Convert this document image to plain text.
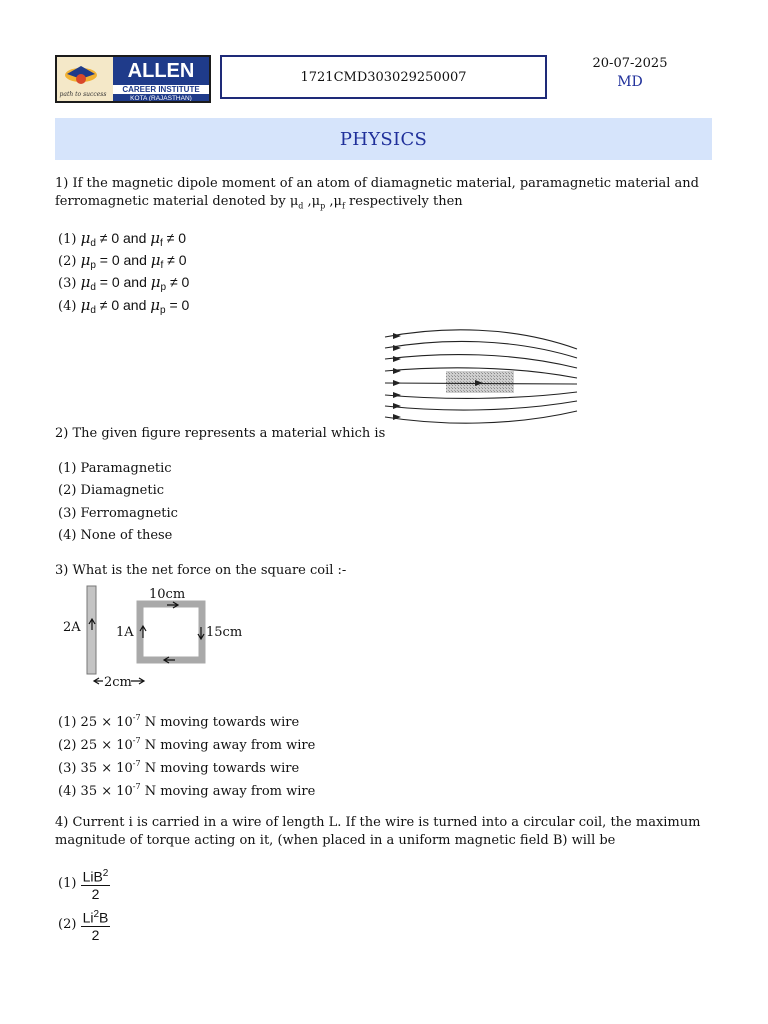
ALLEN
CAREER INSTITUTE
KOTA (RAJASTHAN)
path to success
1721CMD303029250007
20-07-2025
MD
PHYSICS
1) If the magnetic dipole moment of an atom of diamagnetic material, paramagnetic material and ferromagnetic material denoted by $\mu_d$ $,\mu_p$ $,\mu_f$ respectively then
(1) $\mu_d \ne 0$ and $\mu_f \ne 0$
(2) $\mu_p = 0$ and $\mu_f \ne 0$
(3) $\mu_d = 0$ and $\mu_p \ne 0$
(4) $\mu_d \ne 0$ and $\mu_p = 0$
2) The given figure represents a material which is
(1) Paramagnetic
(2) Diamagnetic
(3) Ferromagnetic
(4) None of these
3) What is the net force on the square coil :-
2A	1A
10cm
15cm
2cm
(1) $25 \times 10^{-7}$ N moving towards wire
(2) $25 \times 10^{-7}$ N moving away from wire
(3) $35 \times 10^{-7}$ N moving towards wire
(4) $35 \times 10^{-7}$ N moving away from wire
4) Current i is carried in a wire of length L. If the wire is turned into a circular coil, the maximum magnitude of torque acting on it, (when placed in a uniform magnetic field B) will be
$(1) \frac{LiB^2}{2}$
$(2) \frac{Li^2B}{2}$
